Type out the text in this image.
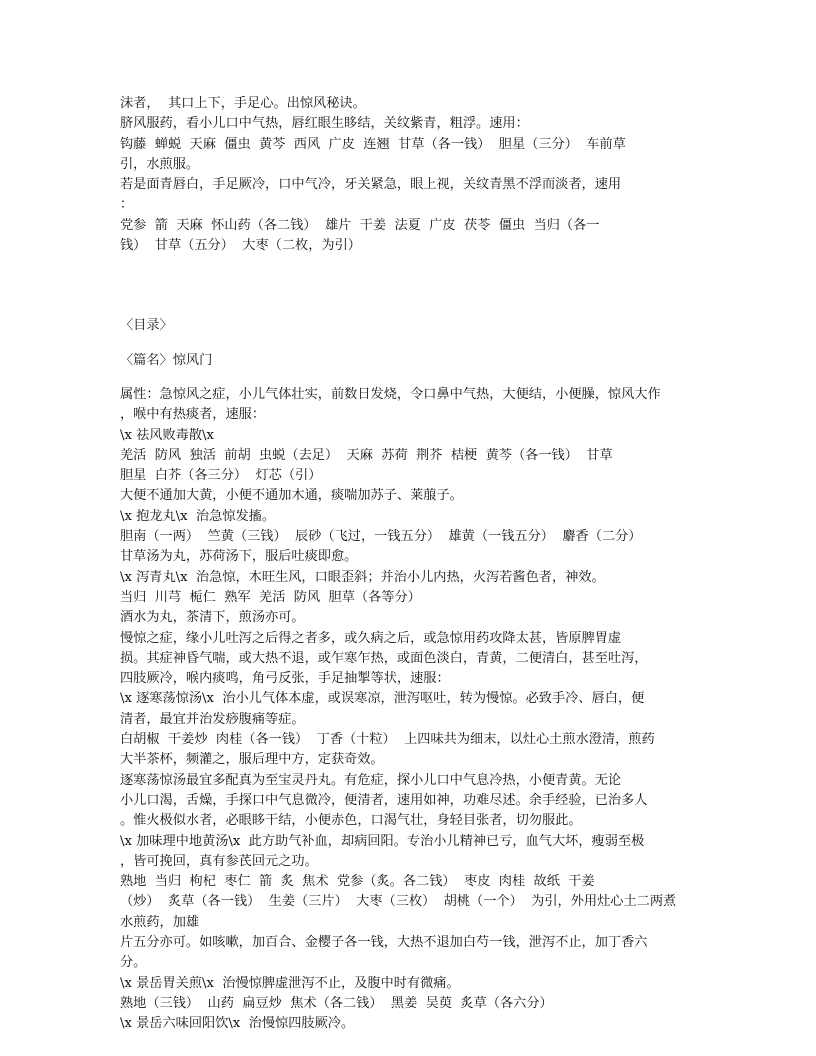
沫者，  其口上下，手足心。出惊风秘诀。
脐风服药，看小儿口中气热，唇红眼生眵结，关纹紫青，粗浮。速用：
钩藤  蝉蜕  天麻  僵虫  黄芩  西风  广皮  连翘  甘草（各一钱）  胆星（三分）  车前草
引，水煎服。
若是面青唇白，手足厥冷，口中气冷，牙关紧急，眼上视，关纹青黑不浮而淡者，速用
：
党参  箭  天麻  怀山药（各二钱）  雄片  干姜  法夏  广皮  茯苓  僵虫  当归（各一
钱）  甘草（五分）  大枣（二枚，为引）
〈目录〉
〈篇名〉惊风门
属性：急惊风之症，小儿气体壮实，前数日发烧，令口鼻中气热，大便结，小便臊，惊风大作
，喉中有热痰者，速服：
\x 祛风败毒散\x
羌活  防风  独活  前胡  虫蜕（去足）  天麻  苏荷  荆芥  桔梗  黄芩（各一钱）  甘草
胆星  白芥（各三分）  灯芯（引）
大便不通加大黄，小便不通加木通，痰喘加苏子、莱菔子。
\x 抱龙丸\x  治急惊发搐。
胆南（一两）  竺黄（三钱）  辰砂（飞过，一钱五分）  雄黄（一钱五分）  麝香（二分）
甘草汤为丸，苏荷汤下，服后吐痰即愈。
\x 泻青丸\x  治急惊，木旺生风，口眼歪斜；并治小儿内热，火泻若酱色者，神效。
当归  川芎  栀仁  熟军  羌活  防风  胆草（各等分）
酒水为丸，茶清下，煎汤亦可。
慢惊之症，缘小儿吐泻之后得之者多，或久病之后，或急惊用药攻降太甚，皆原脾胃虚
损。其症神昏气喘，或大热不退，或乍寒乍热，或面色淡白，青黄，二便清白，甚至吐泻，
四肢厥冷，喉内痰鸣，角弓反张，手足抽掣等状，速服：
\x 逐寒荡惊汤\x  治小儿气体本虚，或误寒凉，泄泻呕吐，转为慢惊。必致手冷、唇白，便
清者，最宜并治发痧腹痛等症。
白胡椒  干姜炒  肉桂（各一钱）  丁香（十粒）  上四味共为细末，以灶心土煎水澄清，煎药
大半茶杯，频灌之，服后理中方，定获奇效。
逐寒荡惊汤最宜多配真为至宝灵丹丸。有危症，探小儿口中气息冷热，小便青黄。无论
小儿口渴，舌燥，手探口中气息微冷，便清者，速用如神，功难尽述。余手经验，已治多人
。惟火极似水者，必眼眵干结，小便赤色，口渴气壮，身轻目张者，切勿服此。
\x 加味理中地黄汤\x  此方助气补血，却病回阳。专治小儿精神已亏，血气大坏，瘦弱至极
，皆可挽回，真有参芪回元之功。
熟地  当归  枸杞  枣仁  箭  炙  焦术  党参（炙。各二钱）  枣皮  肉桂  故纸  干姜
（炒）  炙草（各一钱）  生姜（三片）  大枣（三枚）  胡桃（一个）  为引，外用灶心土二两煮
水煎药，加雄
片五分亦可。如咳嗽，加百合、金樱子各一钱，大热不退加白芍一钱，泄泻不止，加丁香六
分。
\x 景岳胃关煎\x  治慢惊脾虚泄泻不止，及腹中时有微痛。
熟地（三钱）  山药  扁豆炒  焦术（各二钱）  黑姜  吴萸  炙草（各六分）
\x 景岳六味回阳饮\x  治慢惊四肢厥冷。
